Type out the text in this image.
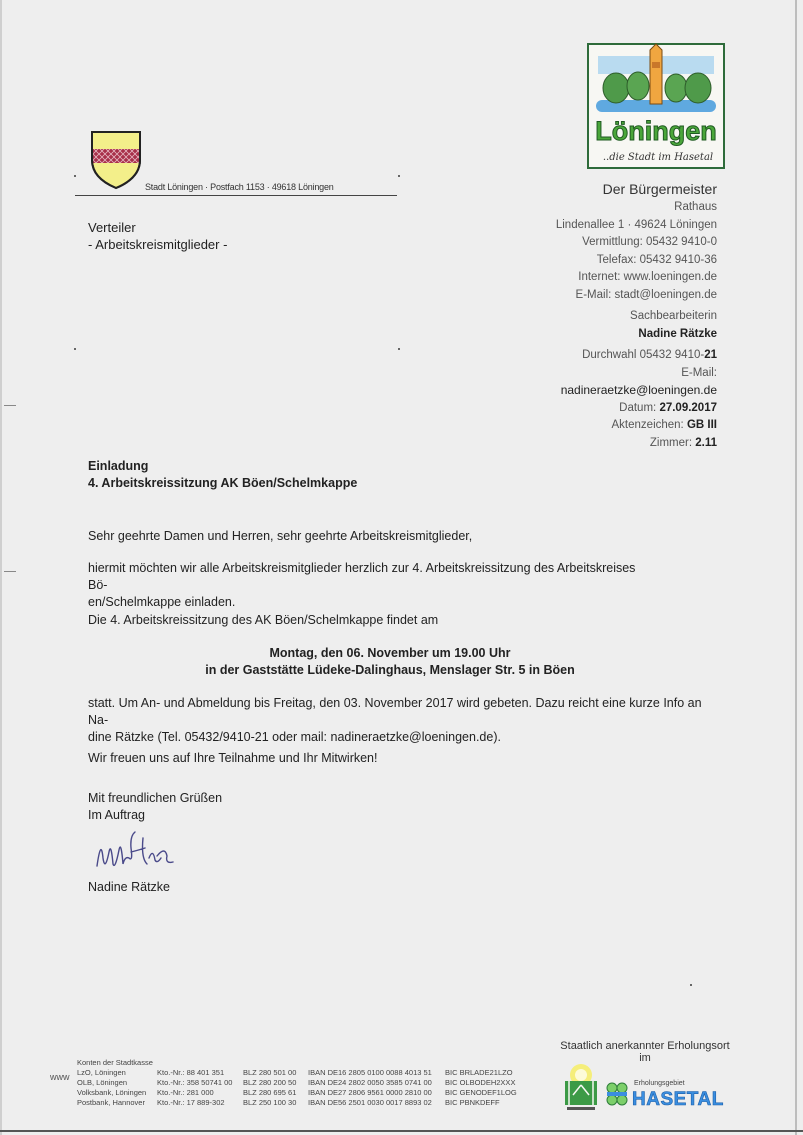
Stadt Löningen · Postfach 1153 · 49618 Löningen
Verteiler
- Arbeitskreismitglieder -
Löningen
..die Stadt im Hasetal
Der Bürgermeister
Rathaus
Lindenallee 1 · 49624 Löningen
Vermittlung: 05432 9410-0
Telefax: 05432 9410-36
Internet: www.loeningen.de
E-Mail: stadt@loeningen.de
Sachbearbeiterin
Nadine Rätzke
Durchwahl 05432 9410-21
E-Mail:
nadineraetzke@loeningen.de
Datum: 27.09.2017
Aktenzeichen: GB III
Zimmer: 2.11
Einladung
4. Arbeitskreissitzung AK Böen/Schelmkappe
Sehr geehrte Damen und Herren, sehr geehrte Arbeitskreismitglieder,
hiermit möchten wir alle Arbeitskreismitglieder herzlich zur 4. Arbeitskreissitzung des Arbeitskreises Bö-
en/Schelmkappe einladen.
Die 4. Arbeitskreissitzung des AK Böen/Schelmkappe findet am
Montag, den 06. November um 19.00 Uhr
in der Gaststätte Lüdeke-Dalinghaus, Menslager Str. 5 in Böen
statt. Um An- und Abmeldung bis Freitag, den 03. November 2017 wird gebeten. Dazu reicht eine kurze Info an Na-
dine Rätzke (Tel. 05432/9410-21 oder mail: nadineraetzke@loeningen.de).
Wir freuen uns auf Ihre Teilnahme und Ihr Mitwirken!
Mit freundlichen Grüßen
Im Auftrag
Nadine Rätzke
www
Konten der Stadtkasse
LzO, Löningen
OLB, Löningen
Volksbank, Löningen
Postbank, Hannover
Kto.-Nr.: 88 401 351
Kto.-Nr.: 358 50741 00
Kto.-Nr.: 281 000
Kto.-Nr.: 17 889-302
BLZ 280 501 00
BLZ 280 200 50
BLZ 280 695 61
BLZ 250 100 30
IBAN DE16 2805 0100 0088 4013 51
IBAN DE24 2802 0050 3585 0741 00
IBAN DE27 2806 9561 0000 2810 00
IBAN DE56 2501 0030 0017 8893 02
BIC BRLADE21LZO
BIC OLBODEH2XXX
BIC GENODEF1LOG
BIC PBNKDEFF
Staatlich anerkannter Erholungsort
im
Erholungsgebiet
HASETAL
